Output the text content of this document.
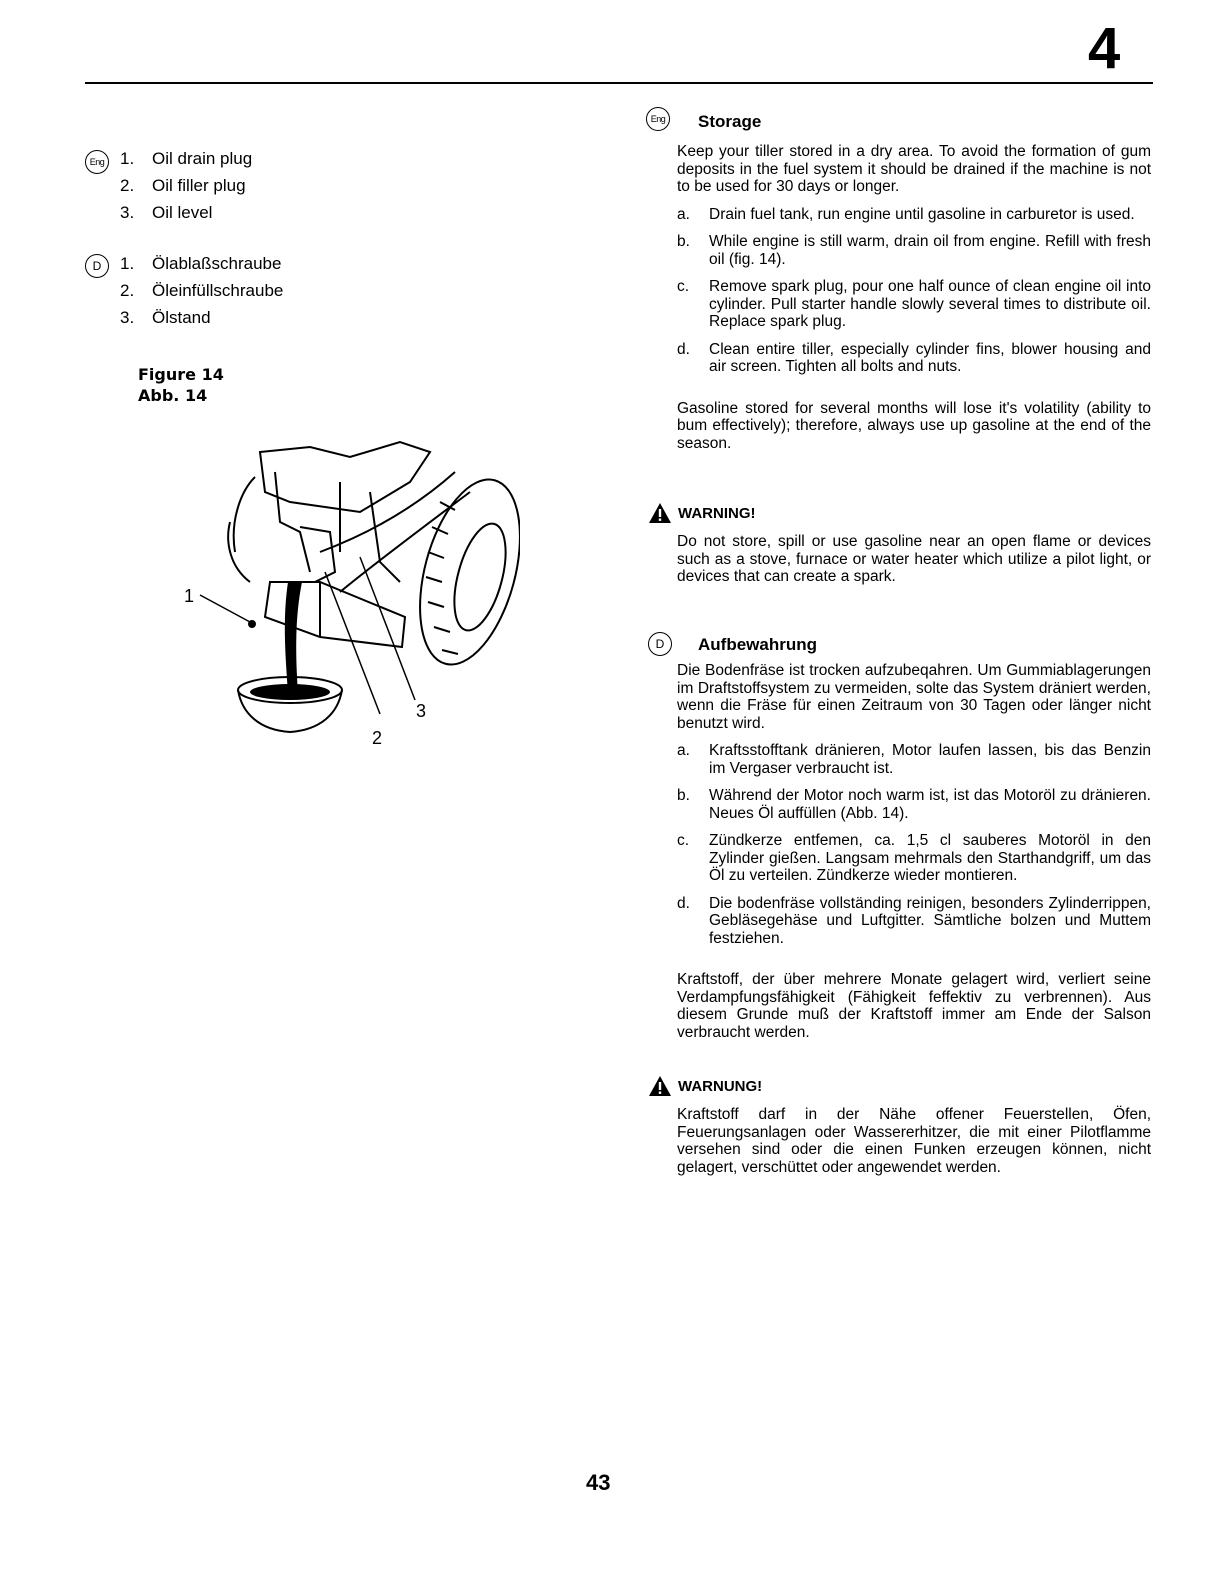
4
Eng 1. Oil drain plug
2. Oil filler plug
3. Oil level
D	1. Ölablaßschraube
2. Öleinfüllschraube
3. Ölstand
Figure 14
Abb. 14
1
2
3
Eng Storage
Keep your tiller stored in a dry area. To avoid the formation of gum deposits in the fuel system it should be drained if the machine is not to be used for 30 days or longer.
a. Drain fuel tank, run engine until gasoline in carburetor is used.
b. While engine is still warm, drain oil from engine. Refill with fresh oil (fig. 14).
c. Remove spark plug, pour one half ounce of clean engine oil into cylinder. Pull starter handle slowly several times to distribute oil. Replace spark plug.
d. Clean entire tiller, especially cylinder fins, blower housing and air screen. Tighten all bolts and nuts.
Gasoline stored for several months will lose it's volatility (ability to bum effectively); therefore, always use up gasoline at the end of the season.
WARNING!
Do not store, spill or use gasoline near an open flame or devices such as a stove, furnace or water heater which utilize a pilot light, or devices that can create a spark.
D	Aufbewahrung
Die Bodenfräse ist trocken aufzubeqahren. Um Gummiablagerungen im Draftstoffsystem zu vermeiden, solte das System dräniert werden, wenn die Fräse für einen Zeitraum von 30 Tagen oder länger nicht benutzt wird.
a. Kraftsstofftank dränieren, Motor laufen lassen, bis das Benzin im Vergaser verbraucht ist.
b. Während der Motor noch warm ist, ist das Motoröl zu dränieren. Neues Öl auffüllen (Abb. 14).
c. Zündkerze entfemen, ca. 1,5 cl sauberes Motoröl in den Zylinder gießen. Langsam mehrmals den Starthandgriff, um das Öl zu verteilen. Zündkerze wieder montieren.
d. Die bodenfräse vollständing reinigen, besonders Zylinderrippen, Gebläsegehäse und Luftgitter. Sämtliche bolzen und Muttem festziehen.
Kraftstoff, der über mehrere Monate gelagert wird, verliert seine Verdampfungsfähigkeit (Fähigkeit feffektiv zu verbrennen). Aus diesem Grunde muß der Kraftstoff immer am Ende der Salson verbraucht werden.
WARNUNG!
Kraftstoff darf in der Nähe offener Feuerstellen, Öfen, Feuerungsanlagen oder Wassererhitzer, die mit einer Pilotflamme versehen sind oder die einen Funken erzeugen können, nicht gelagert, verschüttet oder angewendet werden.
43
